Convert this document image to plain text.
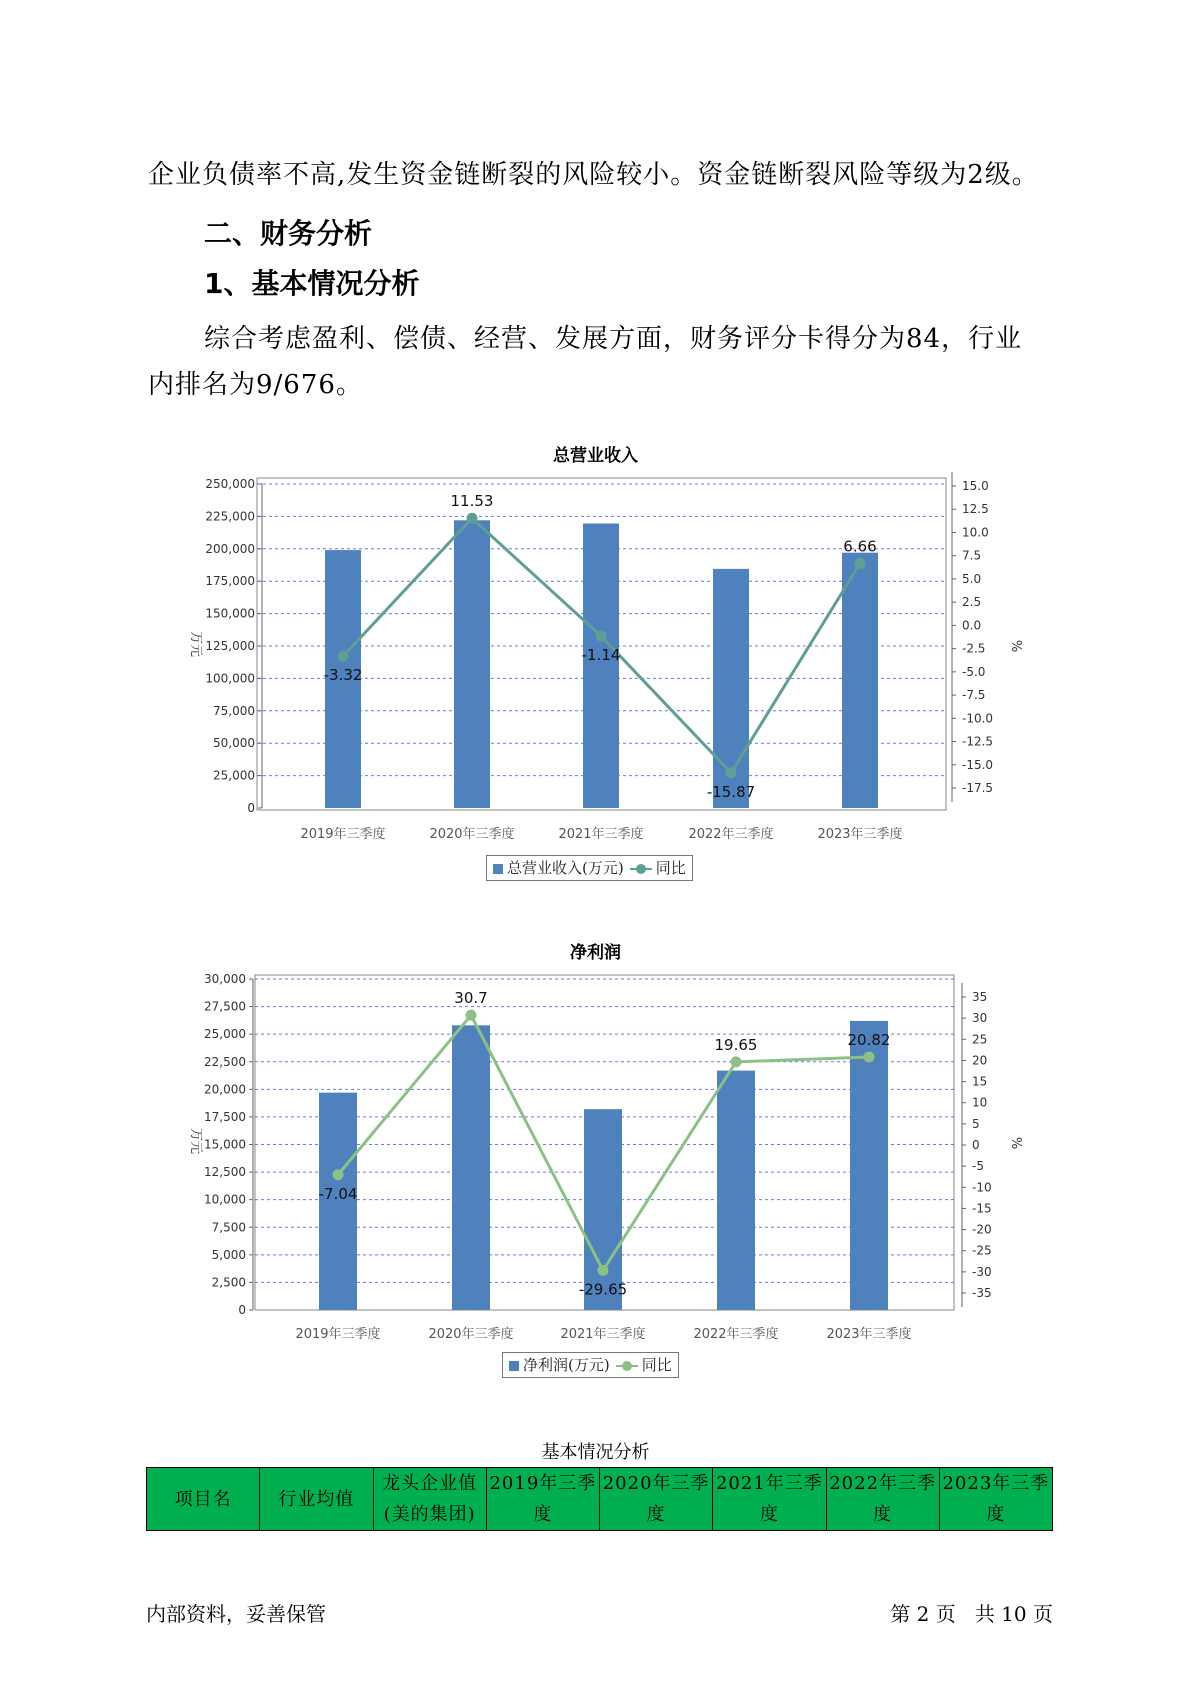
企业负债率不高,发生资金链断裂的风险较小。资金链断裂风险等级为2级。
二、财务分析
1、基本情况分析
综合考虑盈利、偿债、经营、发展方面，财务评分卡得分为84，行业内排名为9/676。
总营业收入
0
25,000
50,000
75,000
100,000
125,000
150,000
175,000
200,000
225,000
250,000
-17.5
-15.0
-12.5
-10.0
-7.5
-5.0
-2.5
0.0
2.5
5.0
7.5
10.0
12.5
15.0
万元	%
2019年三季度	2020年三季度	2021年三季度	2022年三季度	2023年三季度
-3.32
11.53
-1.14
-15.87
6.66
总营业收入(万元) 同比
净利润
0
2,500
5,000
7,500
10,000
12,500
15,000
17,500
20,000
22,500
25,000
27,500
30,000
-35
-30
-25
-20
-15
-10
-5
0
5
10
15
20
25
30
35
万元	%
2019年三季度	2020年三季度	2021年三季度	2022年三季度	2023年三季度
-7.04
30.7
-29.65
19.65	20.82
净利润(万元) 同比
基本情况分析
项目名	行业均值	龙头企业值(美的集团)	2019年三季度	2020年三季度	2021年三季度	2022年三季度	2023年三季度
内部资料，妥善保管	第 2 页   共 10 页
